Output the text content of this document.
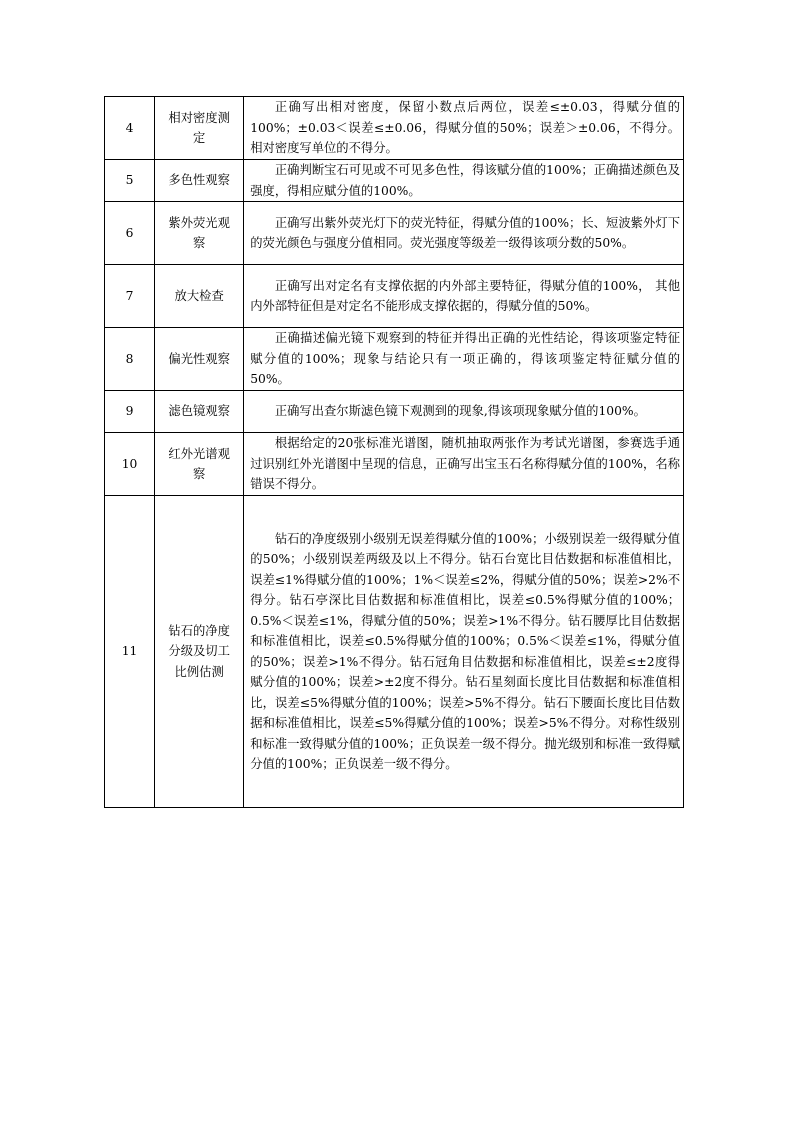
4	相对密度测定	正确写出相对密度，保留小数点后两位，误差≤±0.03，得赋分值的100%；±0.03＜误差≤±0.06，得赋分值的50%；误差＞±0.06，不得分。相对密度写单位的不得分。

5	多色性观察	正确判断宝石可见或不可见多色性，得该赋分值的100%；正确描述颜色及强度，得相应赋分值的100%。

6	紫外荧光观察	正确写出紫外荧光灯下的荧光特征，得赋分值的100%；长、短波紫外灯下的荧光颜色与强度分值相同。荧光强度等级差一级得该项分数的50%。

7	放大检查	正确写出对定名有支撑依据的内外部主要特征，得赋分值的100%， 其他内外部特征但是对定名不能形成支撑依据的，得赋分值的50%。

8	偏光性观察	正确描述偏光镜下观察到的特征并得出正确的光性结论，得该项鉴定特征赋分值的100%；现象与结论只有一项正确的，得该项鉴定特征赋分值的50%。

9	滤色镜观察	正确写出查尔斯滤色镜下观测到的现象,得该项现象赋分值的100%。

10	红外光谱观察	根据给定的20张标准光谱图，随机抽取两张作为考试光谱图，参赛选手通过识别红外光谱图中呈现的信息，正确写出宝玉石名称得赋分值的100%，名称错误不得分。

11	钻石的净度分级及切工比例估测	钻石的净度级别小级别无误差得赋分值的100%；小级别误差一级得赋分值的50%；小级别误差两级及以上不得分。钻石台宽比目估数据和标准值相比，误差≤1%得赋分值的100%；1%＜误差≤2%，得赋分值的50%；误差>2%不得分。钻石亭深比目估数据和标准值相比，误差≤0.5%得赋分值的100%；0.5%＜误差≤1%，得赋分值的50%；误差>1%不得分。钻石腰厚比目估数据和标准值相比，误差≤0.5%得赋分值的100%；0.5%＜误差≤1%，得赋分值的50%；误差>1%不得分。钻石冠角目估数据和标准值相比，误差≤±2度得赋分值的100%；误差>±2度不得分。钻石星刻面长度比目估数据和标准值相比，误差≤5%得赋分值的100%；误差>5%不得分。钻石下腰面长度比目估数据和标准值相比，误差≤5%得赋分值的100%；误差>5%不得分。对称性级别和标准一致得赋分值的100%；正负误差一级不得分。抛光级别和标准一致得赋分值的100%；正负误差一级不得分。
